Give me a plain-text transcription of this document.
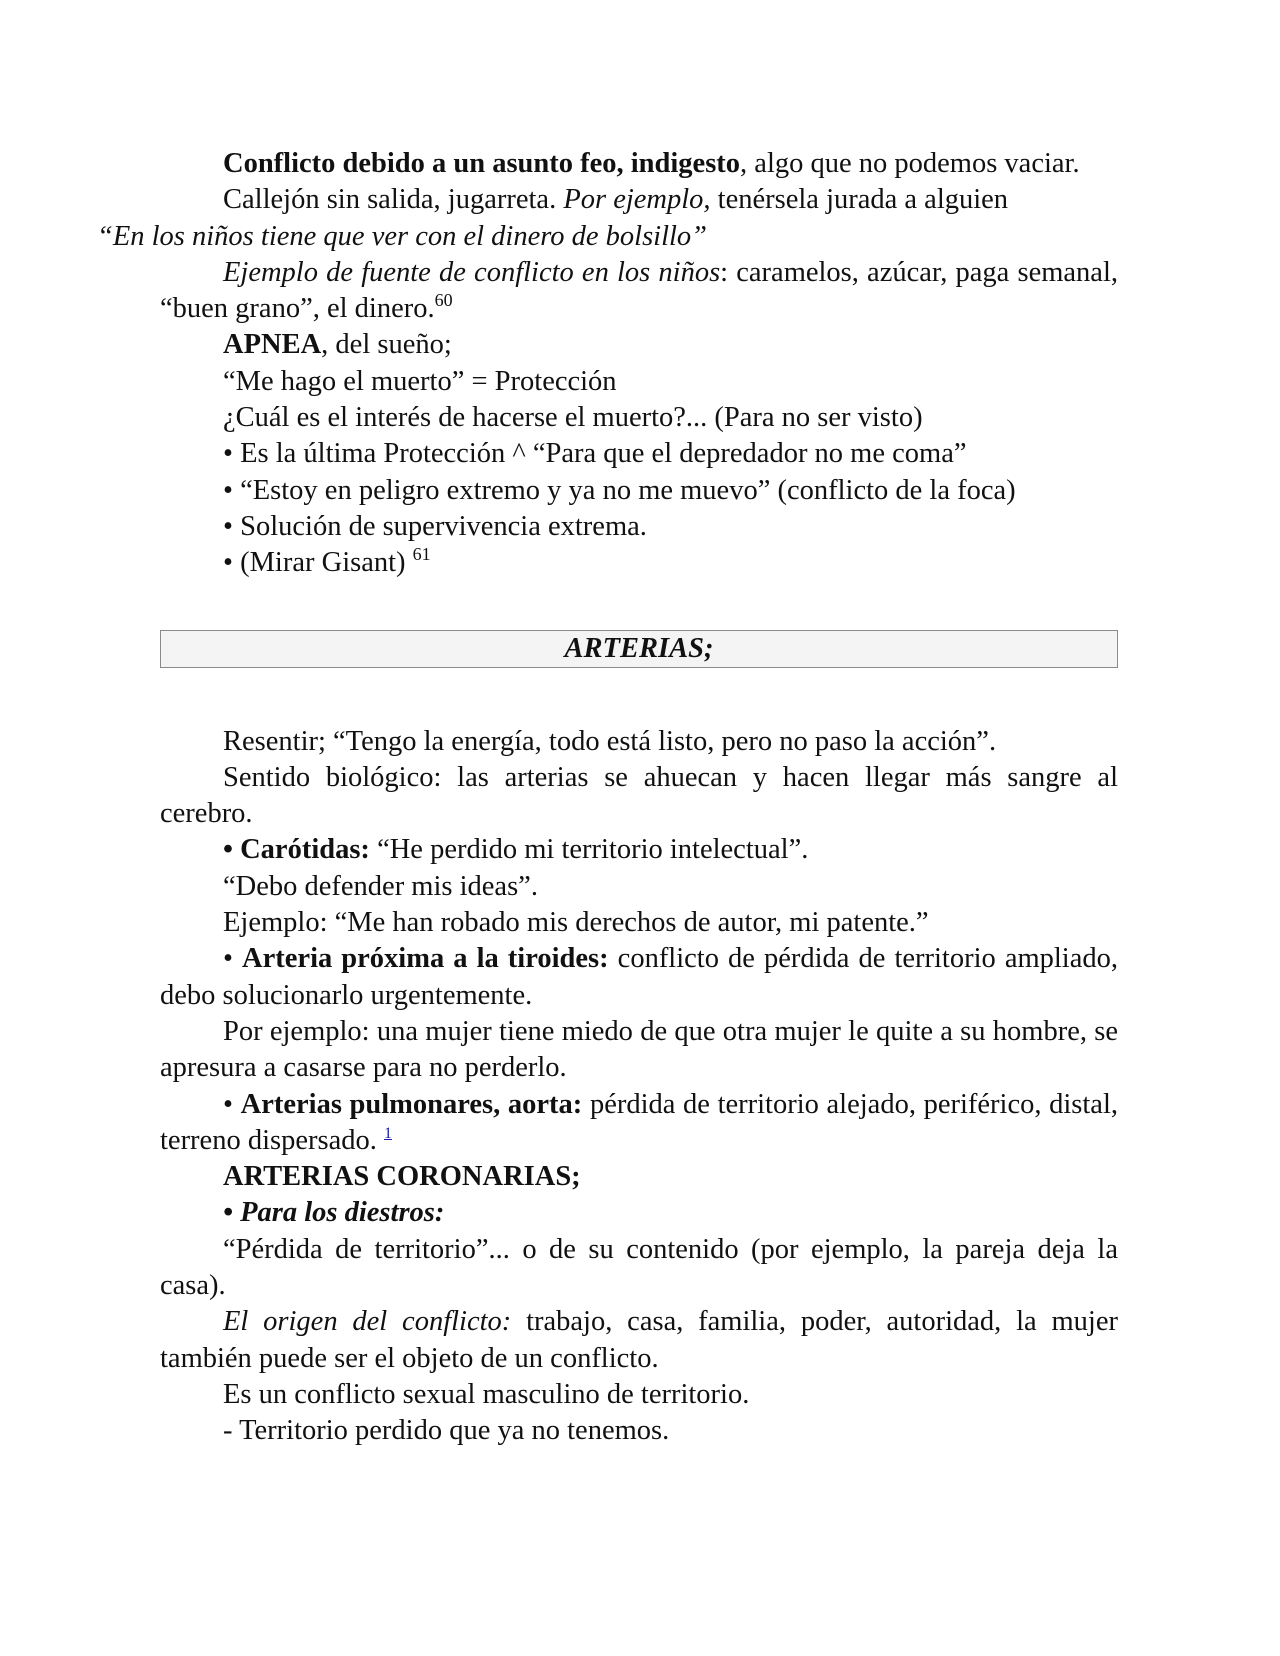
Conflicto debido a un asunto feo, indigesto, algo que no podemos vaciar.

Callejón sin salida, jugarreta. Por ejemplo, tenérsela jurada a alguien
“En los niños tiene que ver con el dinero de bolsillo”

Ejemplo de fuente de conflicto en los niños: caramelos, azúcar, paga semanal, “buen grano”, el dinero.$^{60}$

APNEA, del sueño;

“Me hago el muerto” = Protección

¿Cuál es el interés de hacerse el muerto?... (Para no ser visto)

• Es la última Protección ^ “Para que el depredador no me coma”

• “Estoy en peligro extremo y ya no me muevo” (conflicto de la foca)

• Solución de supervivencia extrema.

• (Mirar Gisant) $^{61}$

ARTERIAS;

Resentir; “Tengo la energía, todo está listo, pero no paso la acción”.

Sentido biológico: las arterias se ahuecan y hacen llegar más sangre al cerebro.

• Carótidas: “He perdido mi territorio intelectual”.

“Debo defender mis ideas”.

Ejemplo: “Me han robado mis derechos de autor, mi patente.”

• Arteria próxima a la tiroides: conflicto de pérdida de territorio ampliado, debo solucionarlo urgentemente.

Por ejemplo: una mujer tiene miedo de que otra mujer le quite a su hombre, se apresura a casarse para no perderlo.

• Arterias pulmonares, aorta: pérdida de territorio alejado, periférico, distal, terreno dispersado. $^1$

ARTERIAS CORONARIAS;

• Para los diestros:

“Pérdida de territorio”... o de su contenido (por ejemplo, la pareja deja la casa).

El origen del conflicto: trabajo, casa, familia, poder, autoridad, la mujer también puede ser el objeto de un conflicto.

Es un conflicto sexual masculino de territorio.

- Territorio perdido que ya no tenemos.
